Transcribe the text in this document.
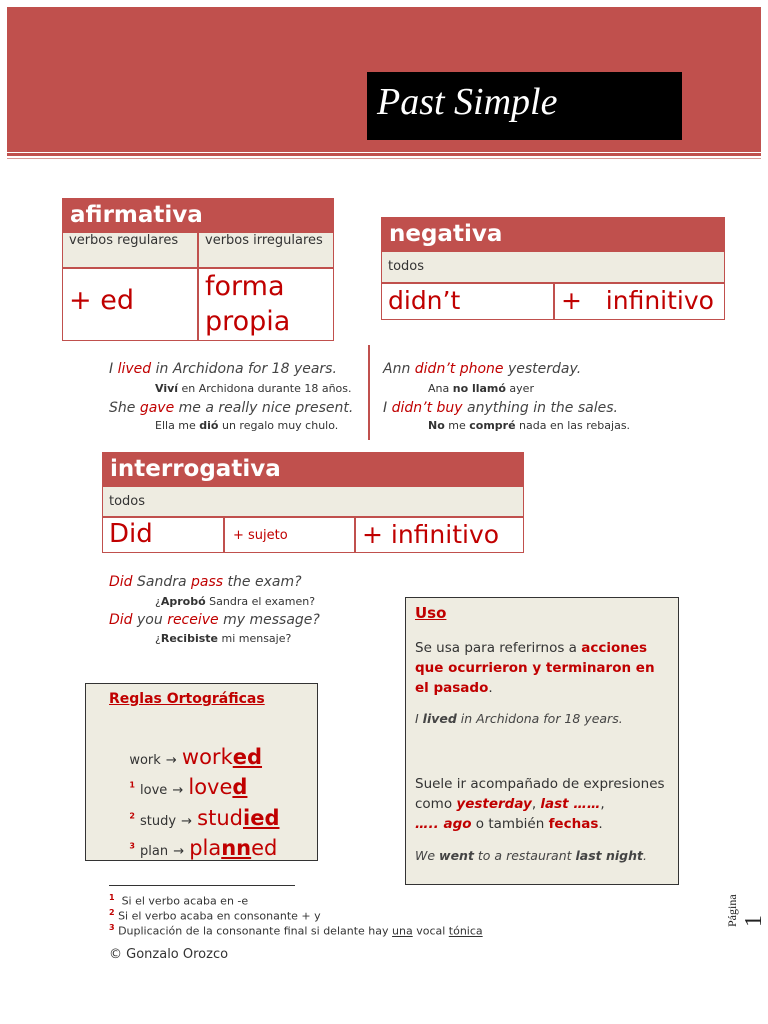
Past Simple
afirmativa
verbos regulares	verbos irregulares
+ ed	forma propia
negativa
todos
didn’t	+   infinitivo
I lived in Archidona for 18 years.
Viví en Archidona durante 18 años.
She gave me a really nice present.
Ella me dió un regalo muy chulo.
Ann didn’t phone yesterday.
Ana no llamó ayer
I didn’t buy anything in the sales.
No me compré nada en las rebajas.
interrogativa
todos
Did	+ sujeto	+ infinitivo
Did Sandra pass the exam?
¿Aprobó Sandra el examen?
Did you receive my message?
¿Recibiste mi mensaje?
Reglas Ortográficas

work → worked

$^1$ love → loved

$^2$ study → studied

$^3$ plan → planned

Uso
Se usa para referirnos a acciones que ocurrieron y terminaron en el pasado.
I lived in Archidona for 18 years.
Suele ir acompañado de expresiones como yesterday, last ……,
….. ago o también fechas.
We went to a restaurant last night.
$^1$  Si el verbo acaba en -e
$^2$ Si el verbo acaba en consonante + y
$^3$ Duplicación de la consonante final si delante hay una vocal tónica
© Gonzalo Orozco

Página
1
